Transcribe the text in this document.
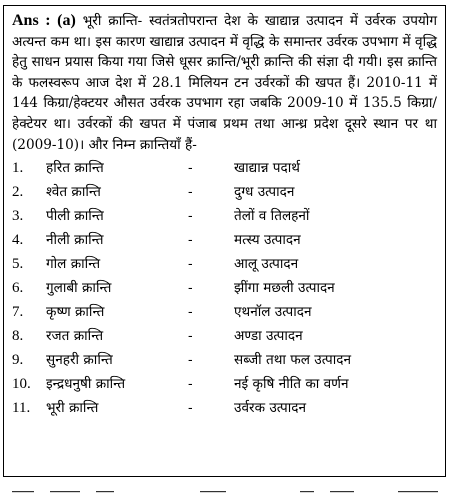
Ans : (a) भूरी क्रान्ति- स्वतंत्रतोपरान्त देश के खाद्यान्न उत्पादन में उर्वरक उपयोग अत्यन्त कम था। इस कारण खाद्यान्न उत्पादन में वृद्धि के समान्तर उर्वरक उपभाग में वृद्धि हेतु साधन प्रयास किया गया जिसे धूसर क्रान्ति/भूरी क्रान्ति की संज्ञा दी गयी। इस क्रान्ति के फलस्वरूप आज देश में 28.1 मिलियन टन उर्वरकों की खपत हैं। 2010-11 में 144 किग्रा/हेक्टयर औसत उर्वरक उपभाग रहा जबकि 2009-10 में 135.5 किग्रा/हेक्टेयर था। उर्वरकों की खपत में पंजाब प्रथम तथा आन्ध्र प्रदेश दूसरे स्थान पर था (2009-10)। और निम्न क्रान्तियाँ हैं-

1. हरित क्रान्ति	-	खाद्यान्न पदार्थ
2. श्वेत क्रान्ति	-	दुग्ध उत्पादन
3. पीली क्रान्ति	-	तेलों व तिलहनों
4. नीली क्रान्ति	-	मत्स्य उत्पादन
5. गोल क्रान्ति	-	आलू उत्पादन
6. गुलाबी क्रान्ति	-	झींगा मछली उत्पादन
7. कृष्ण क्रान्ति	-	एथनॉल उत्पादन
8. रजत क्रान्ति	-	अण्डा उत्पादन
9. सुनहरी क्रान्ति	-	सब्जी तथा फल उत्पादन
10. इन्द्रधनुषी क्रान्ति	-	नई कृषि नीति का वर्णन
11. भूरी क्रान्ति	-	उर्वरक उत्पादन
